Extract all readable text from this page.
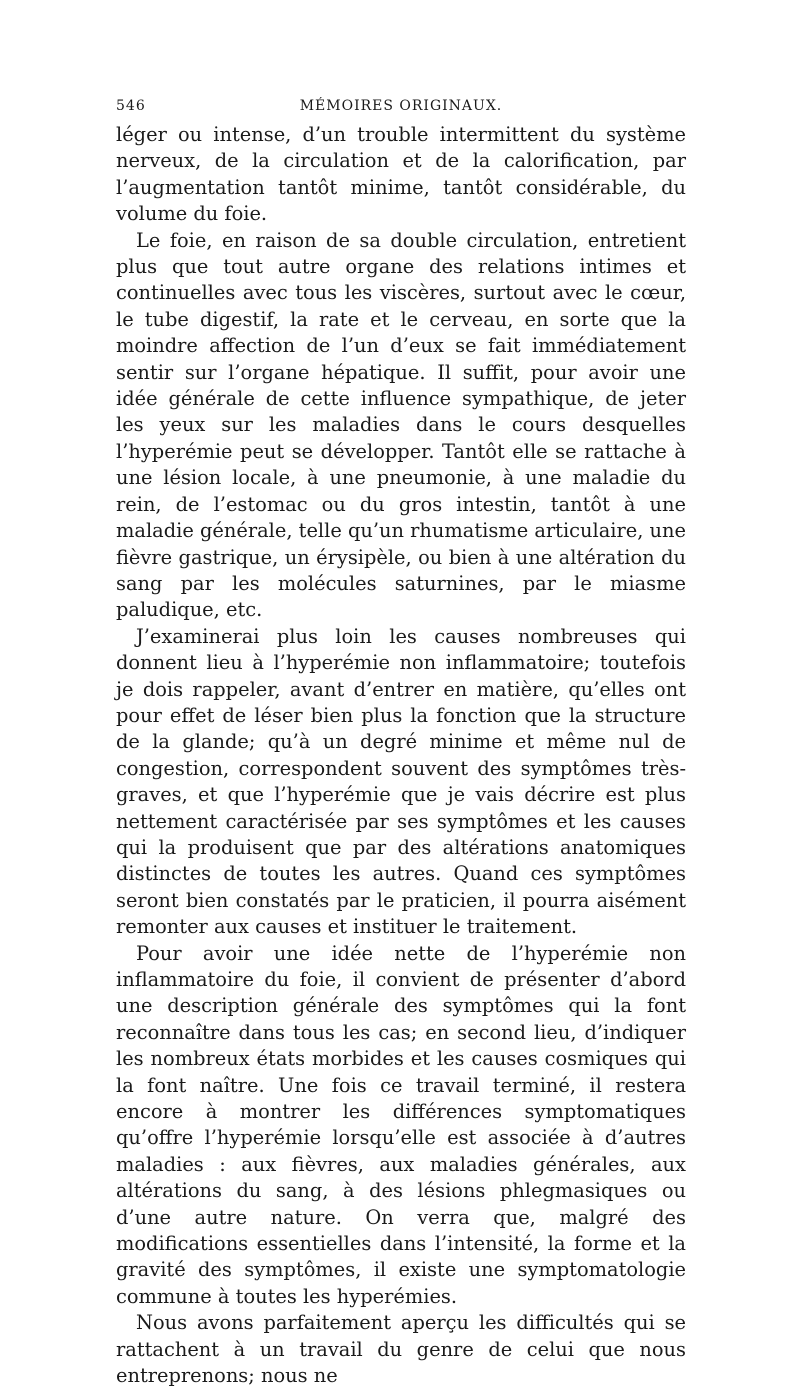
546	MÉMOIRES ORIGINAUX.

léger ou intense, d’un trouble intermittent du système nerveux, de la circulation et de la calorification, par l’augmentation tantôt minime, tantôt considérable, du volume du foie.

Le foie, en raison de sa double circulation, entretient plus que tout autre organe des relations intimes et continuelles avec tous les viscères, surtout avec le cœur, le tube digestif, la rate et le cerveau, en sorte que la moindre affection de l’un d’eux se fait immédiatement sentir sur l’organe hépatique. Il suffit, pour avoir une idée générale de cette influence sympathique, de jeter les yeux sur les maladies dans le cours desquelles l’hyperémie peut se développer. Tantôt elle se rattache à une lésion locale, à une pneumonie, à une maladie du rein, de l’estomac ou du gros intestin, tantôt à une maladie générale, telle qu’un rhumatisme articulaire, une fièvre gastrique, un érysipèle, ou bien à une altération du sang par les molécules saturnines, par le miasme paludique, etc.

J’examinerai plus loin les causes nombreuses qui donnent lieu à l’hyperémie non inflammatoire; toutefois je dois rappeler, avant d’entrer en matière, qu’elles ont pour effet de léser bien plus la fonction que la structure de la glande; qu’à un degré minime et même nul de congestion, correspondent souvent des symptômes très-graves, et que l’hyperémie que je vais décrire est plus nettement caractérisée par ses symptômes et les causes qui la produisent que par des altérations anatomiques distinctes de toutes les autres. Quand ces symptômes seront bien constatés par le praticien, il pourra aisément remonter aux causes et instituer le traitement.

Pour avoir une idée nette de l’hyperémie non inflammatoire du foie, il convient de présenter d’abord une description générale des symptômes qui la font reconnaître dans tous les cas; en second lieu, d’indiquer les nombreux états morbides et les causes cosmiques qui la font naître. Une fois ce travail terminé, il restera encore à montrer les différences symptomatiques qu’offre l’hyperémie lorsqu’elle est associée à d’autres maladies : aux fièvres, aux maladies générales, aux altérations du sang, à des lésions phlegmasiques ou d’une autre nature. On verra que, malgré des modifications essentielles dans l’intensité, la forme et la gravité des symptômes, il existe une symptomatologie commune à toutes les hyperémies.

Nous avons parfaitement aperçu les difficultés qui se rattachent à un travail du genre de celui que nous entreprenons; nous ne
